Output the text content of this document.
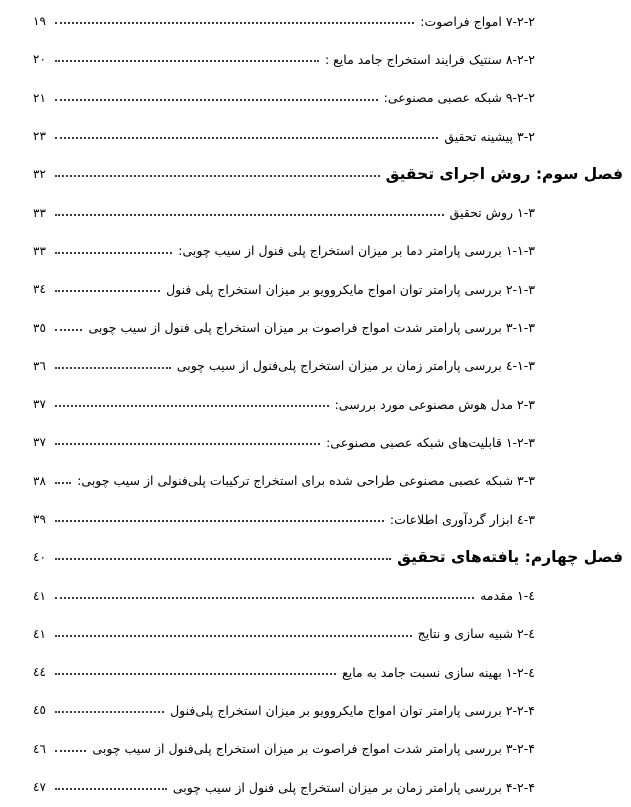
٢-٢-٧
امواج فراصوت:
١٩
٢-٢-٨
سنتیک فرایند استخراج جامد مایع :
٢٠
٢-٢-٩
شبکه عصبی مصنوعی:
٢١
٢-٣
پیشینه تحقیق
٢٣
فصل سوم: روش اجرای تحقیق
٣٢
٣-١
روش تحقیق
٣٣
٣-١-١
بررسی پارامتر دما بر میزان استخراج پلی فنول از سیب چوبی:
٣٣
٣-١-٢
بررسی پارامتر توان امواج مایکروویو بر میزان استخراج پلی فنول
٣٤
٣-١-٣
بررسی پارامتر شدت امواج فراصوت بر میزان استخراج پلی فنول از سیب چوبی
٣٥
٣-١-٤
بررسی پارامتر زمان بر میزان استخراج پلی‌فنول از سیب چوبی
٣٦
٣-٢
مدل هوش مصنوعی مورد بررسی:
٣٧
٣-٢-١
قابلیت‌های شبکه عصبی مصنوعی:
٣٧
٣-٣
شبکه عصبی مصنوعی طراحی شده برای استخراج ترکیبات پلی‌فنولی از سیب چوبی:
٣٨
٣-٤
ابزار گردآوری اطلاعات:
٣٩
فصل چهارم: یافته‌های تحقیق
٤٠
٤-١
مقدمه
٤١
٤-٢
شبیه سازی و نتایج
٤١
٤-٢-١
بهینه سازی نسبت جامد به مایع
٤٤
۴-٢-٢
بررسی پارامتر توان امواج مایکروویو بر میزان استخراج پلی‌فنول
٤٥
۴-٢-٣
بررسی پارامتر شدت امواج فراصوت بر میزان استخراج پلی‌فنول از سیب چوبی
٤٦
۴-٢-۴
بررسی پارامتر زمان بر میزان استخراج پلی فنول از سیب چوبی
٤٧
